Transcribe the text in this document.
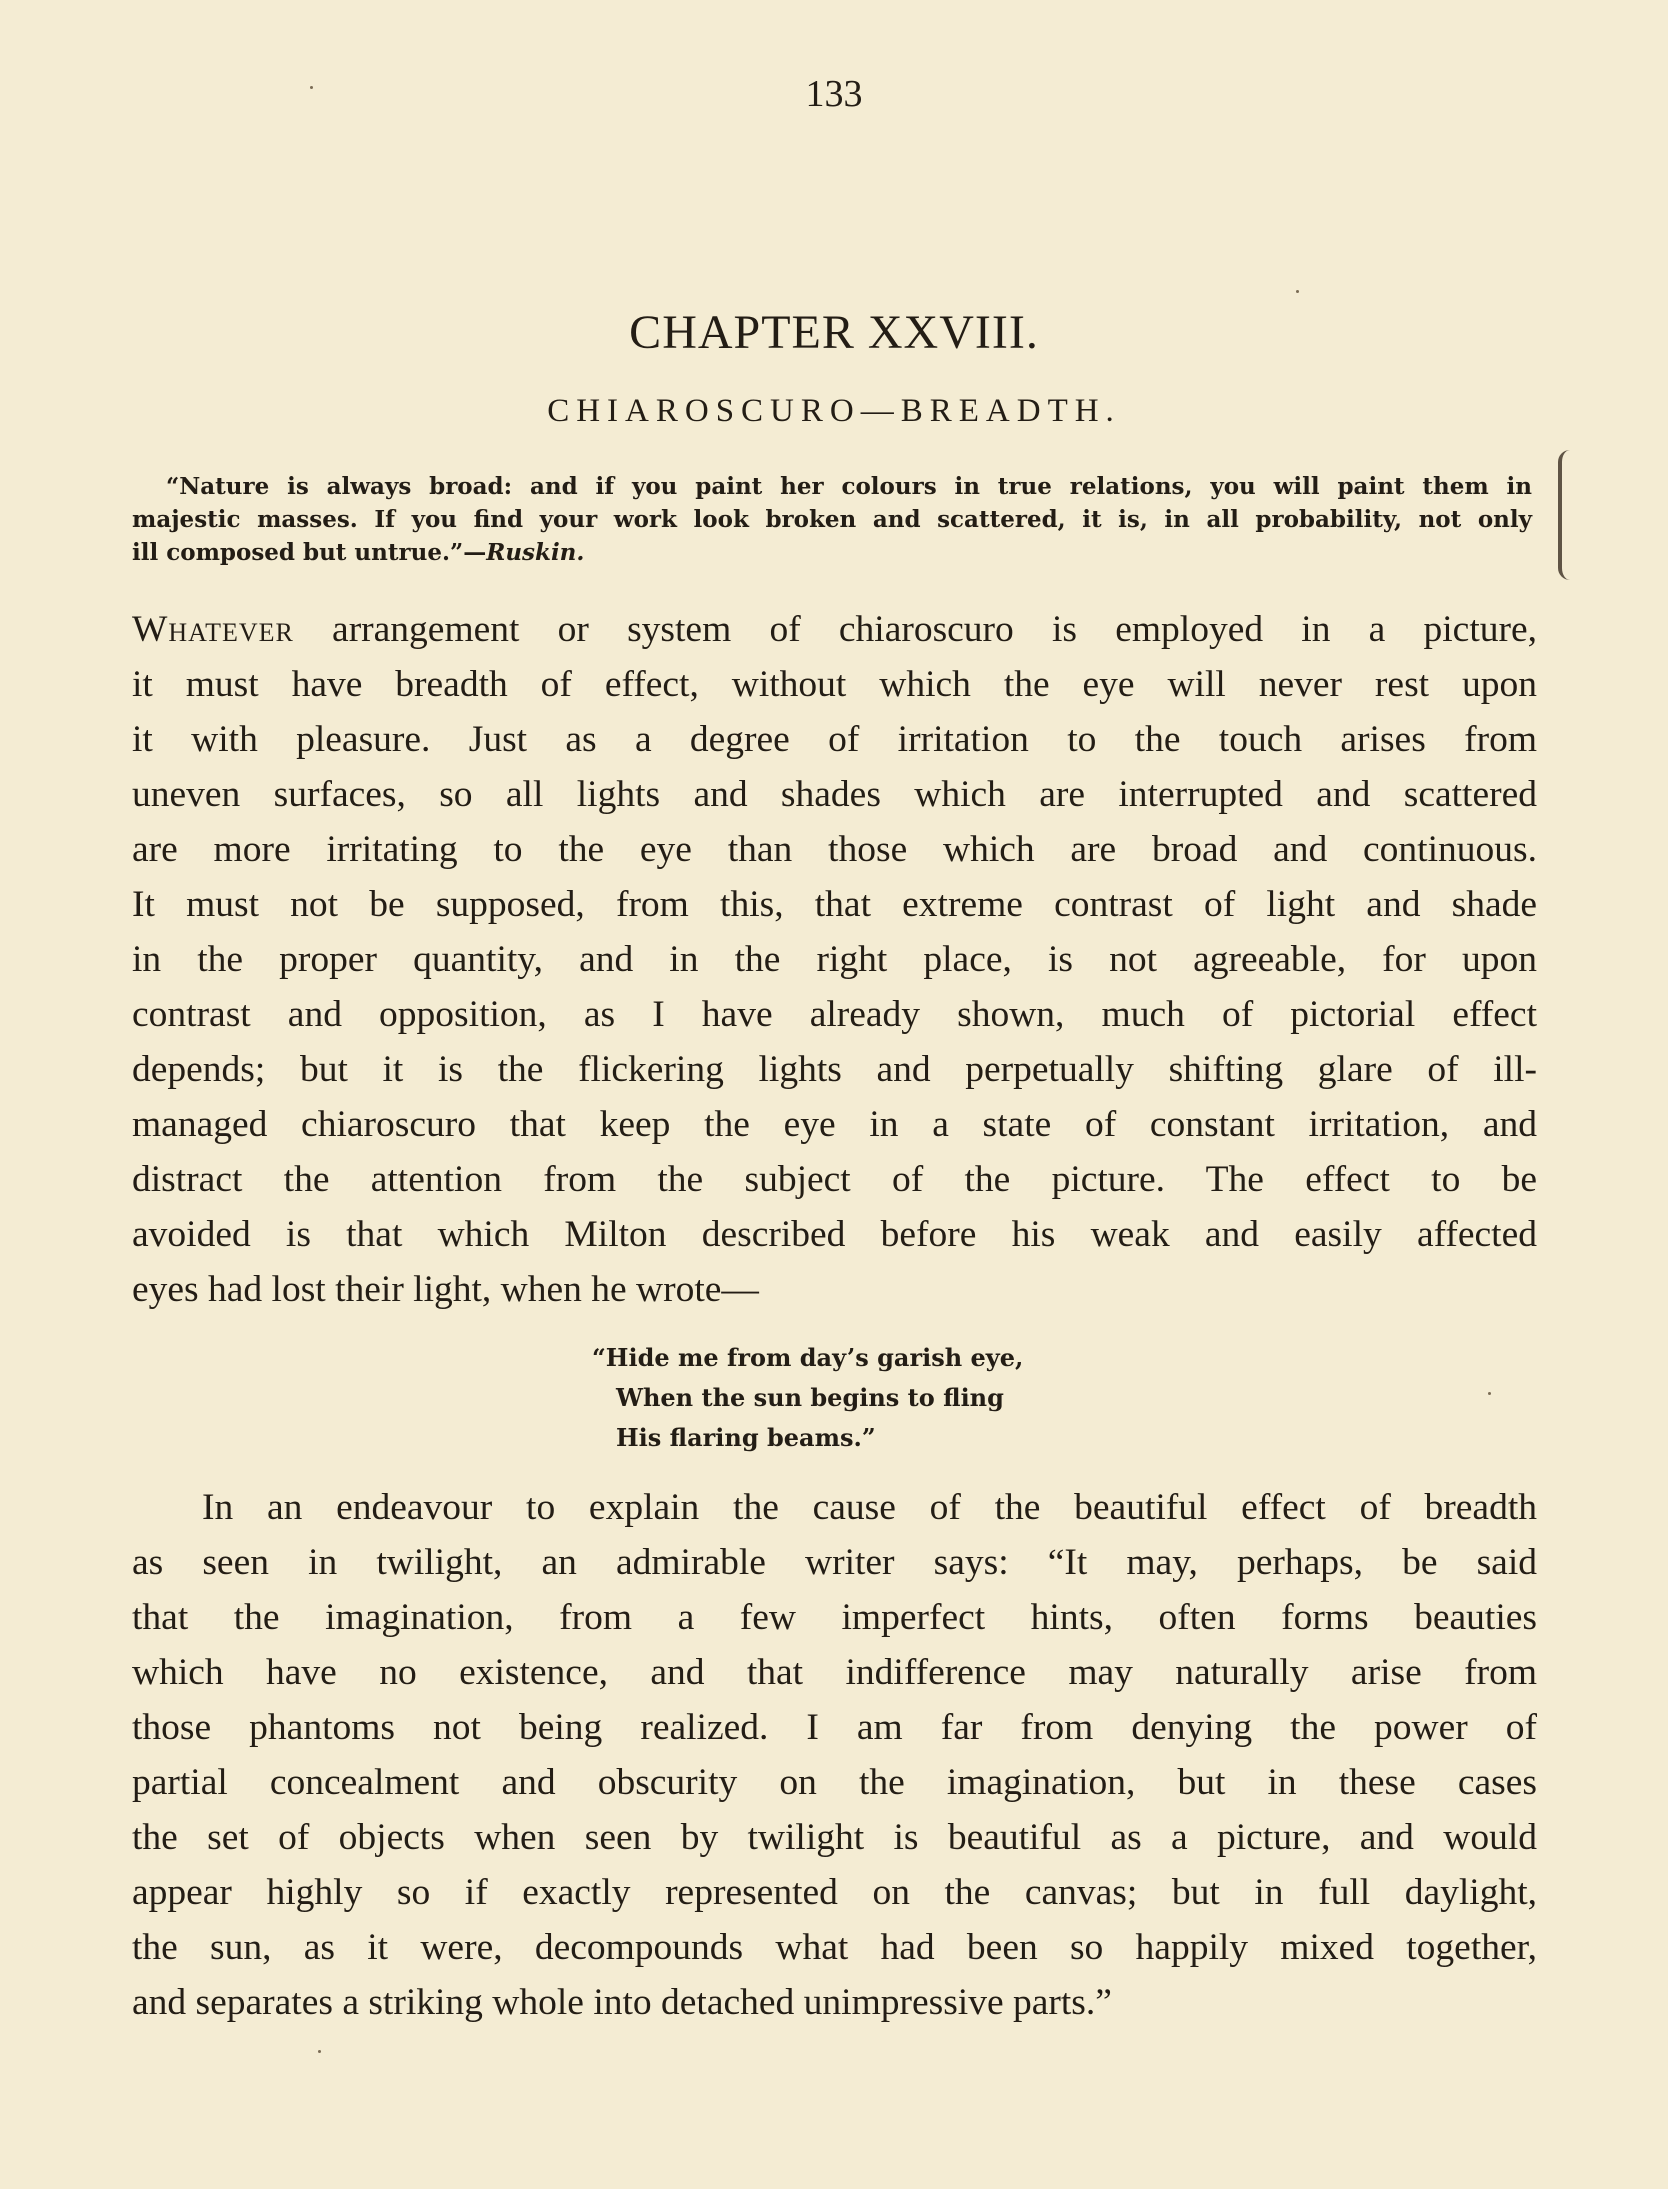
133
CHAPTER XXVIII.
CHIAROSCURO—BREADTH.
“Nature is always broad: and if you paint her colours in true relations, you will paint them in
majestic masses. If you find your work look broken and scattered, it is, in all probability, not only
ill composed but untrue.”—Ruskin.
Whatever arrangement or system of chiaroscuro is employed in a picture,
it must have breadth of effect, without which the eye will never rest upon
it with pleasure. Just as a degree of irritation to the touch arises from
uneven surfaces, so all lights and shades which are interrupted and scattered
are more irritating to the eye than those which are broad and continuous.
It must not be supposed, from this, that extreme contrast of light and shade
in the proper quantity, and in the right place, is not agreeable, for upon
contrast and opposition, as I have already shown, much of pictorial effect
depends; but it is the flickering lights and perpetually shifting glare of ill-
managed chiaroscuro that keep the eye in a state of constant irritation, and
distract the attention from the subject of the picture. The effect to be
avoided is that which Milton described before his weak and easily affected
eyes had lost their light, when he wrote—
“Hide me from day’s garish eye,
When the sun begins to fling
His flaring beams.”
In an endeavour to explain the cause of the beautiful effect of breadth
as seen in twilight, an admirable writer says: “It may, perhaps, be said
that the imagination, from a few imperfect hints, often forms beauties
which have no existence, and that indifference may naturally arise from
those phantoms not being realized. I am far from denying the power of
partial concealment and obscurity on the imagination, but in these cases
the set of objects when seen by twilight is beautiful as a picture, and would
appear highly so if exactly represented on the canvas; but in full daylight,
the sun, as it were, decompounds what had been so happily mixed together,
and separates a striking whole into detached unimpressive parts.”
